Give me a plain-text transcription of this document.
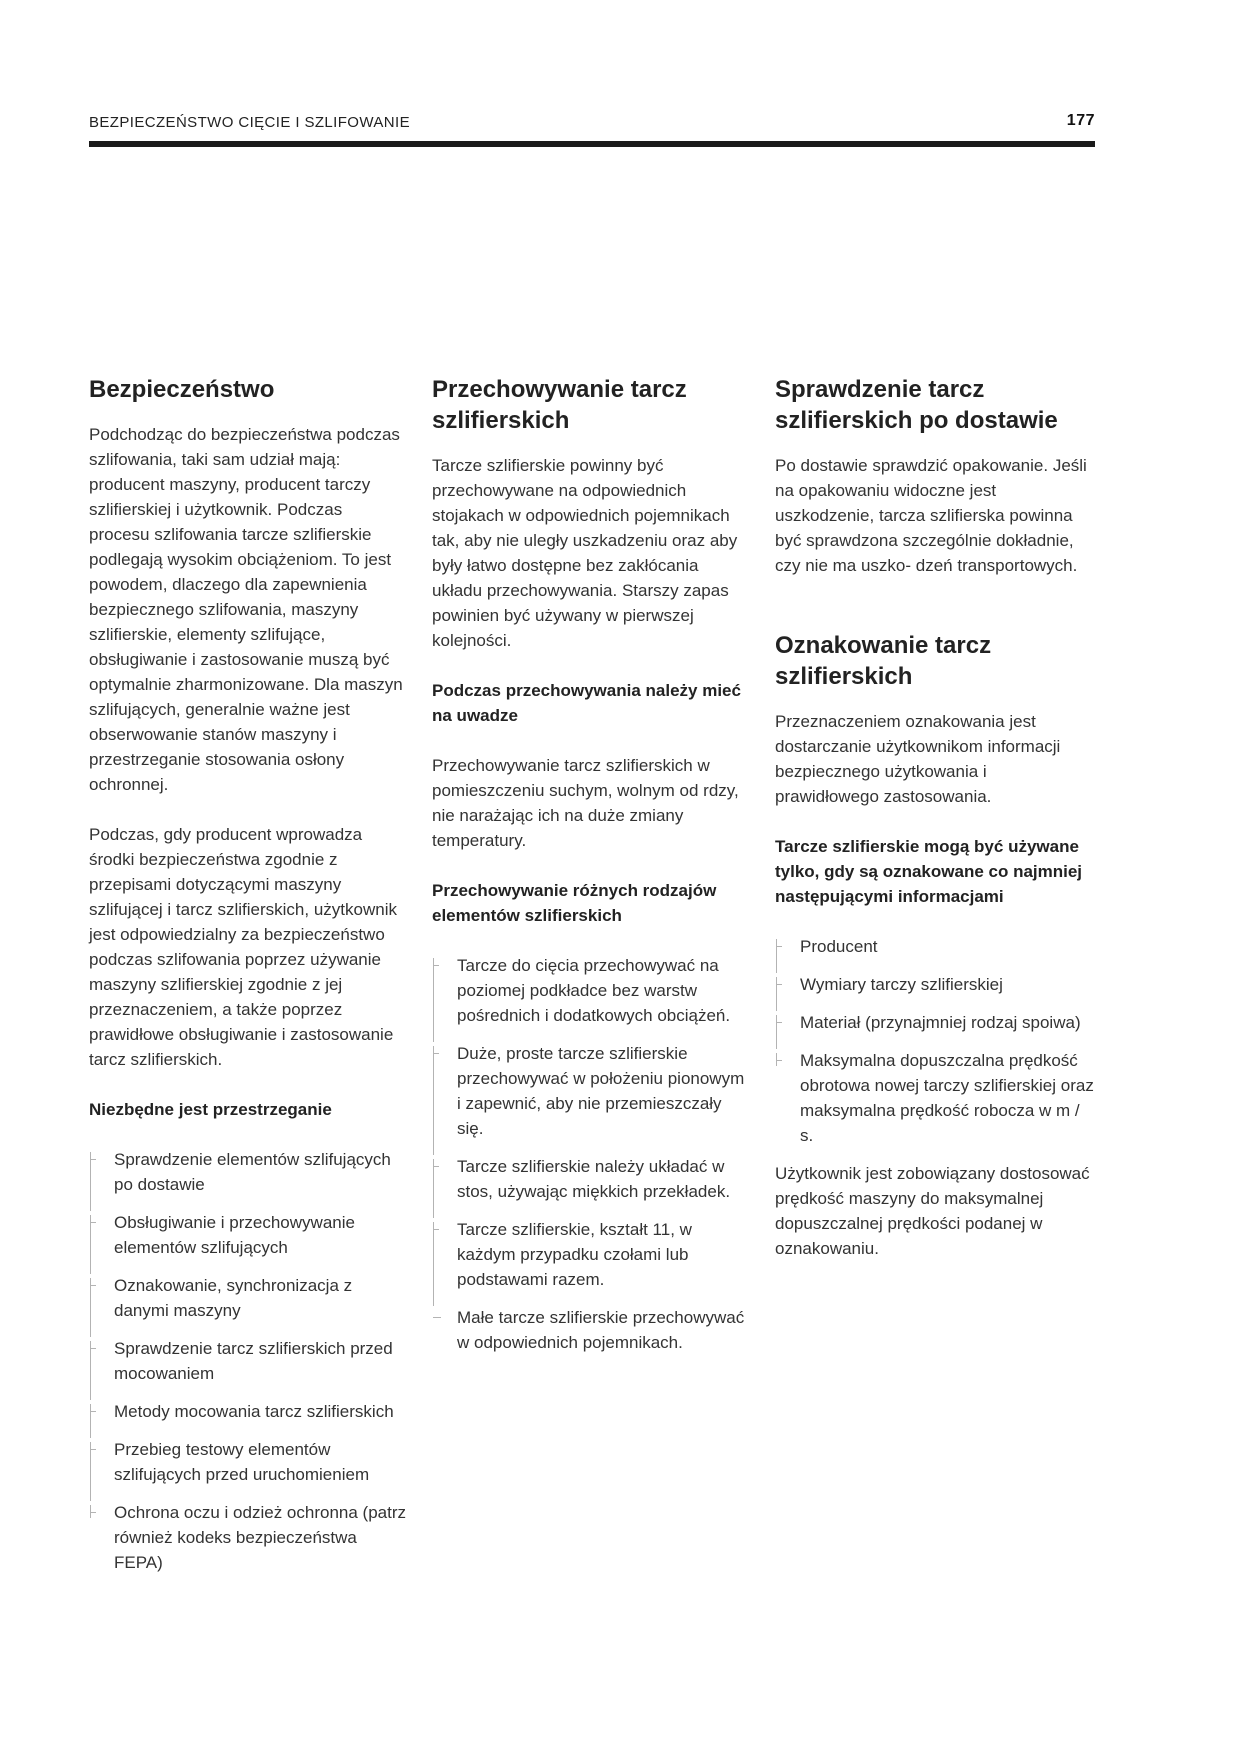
BEZPIECZEŃSTWO CIĘCIE I SZLIFOWANIE	177
Bezpieczeństwo

Podchodząc do bezpieczeństwa podczas szlifowania, taki sam udział mają: producent maszyny, producent tarczy szlifierskiej i użytkownik. Podczas procesu szlifowania tarcze szlifierskie podlegają wysokim obciążeniom. To jest powodem, dlaczego dla zapewnienia bezpiecznego szlifowania, maszyny szlifierskie, elementy szlifujące, obsługiwanie i zastosowanie muszą być optymalnie zharmonizowane. Dla maszyn szlifujących, generalnie ważne jest obserwowanie stanów maszyny i przestrzeganie stosowania osłony ochronnej.

Podczas, gdy producent wprowadza środki bezpieczeństwa zgodnie z przepisami dotyczącymi maszyny szlifującej i tarcz szlifierskich, użytkownik jest odpowiedzialny za bezpieczeństwo podczas szlifowania poprzez używanie maszyny szlifierskiej zgodnie z jej przeznaczeniem, a także poprzez prawidłowe obsługiwanie i zastosowanie tarcz szlifierskich.

Niezbędne jest przestrzeganie

Sprawdzenie elementów szlifujących po dostawie
Obsługiwanie i przechowywanie elementów szlifujących
Oznakowanie, synchronizacja z danymi maszyny
Sprawdzenie tarcz szlifierskich przed mocowaniem
Metody mocowania tarcz szlifierskich
Przebieg testowy elementów szlifujących przed uruchomieniem
Ochrona oczu i odzież ochronna (patrz również kodeks bezpieczeństwa FEPA)
Przechowywanie tarcz szlifierskich

Tarcze szlifierskie powinny być przechowywane na odpowiednich stojakach w odpowiednich pojemnikach tak, aby nie uległy uszkadzeniu oraz aby były łatwo dostępne bez zakłócania układu przechowywania. Starszy zapas powinien być używany w pierwszej kolejności.

Podczas przechowywania należy mieć na uwadze

Przechowywanie tarcz szlifierskich w pomieszczeniu suchym, wolnym od rdzy, nie narażając ich na duże zmiany temperatury.

Przechowywanie różnych rodzajów elementów szlifierskich

Tarcze do cięcia przechowywać na poziomej podkładce bez warstw pośrednich i dodatkowych obciążeń.
Duże, proste tarcze szlifierskie przechowywać w położeniu pionowym i zapewnić, aby nie przemieszczały się.
Tarcze szlifierskie należy układać w stos, używając miękkich przekładek.
Tarcze szlifierskie, kształt 11, w każdym przypadku czołami lub podstawami razem.
Małe tarcze szlifierskie przechowywać w odpowiednich pojemnikach.
Sprawdzenie tarcz szlifierskich po dostawie

Po dostawie sprawdzić opakowanie. Jeśli na opakowaniu widoczne jest uszkodzenie, tarcza szlifierska powinna być sprawdzona szczególnie dokładnie, czy nie ma uszko- dzeń transportowych.

Oznakowanie tarcz szlifierskich

Przeznaczeniem oznakowania jest dostarczanie użytkownikom informacji bezpiecznego użytkowania i prawidłowego zastosowania.

Tarcze szlifierskie mogą być używane tylko, gdy są oznakowane co najmniej następującymi informacjami

Producent
Wymiary tarczy szlifierskiej
Materiał (przynajmniej rodzaj spoiwa)
Maksymalna dopuszczalna prędkość obrotowa nowej tarczy szlifierskiej oraz maksymalna prędkość robocza w m / s.

Użytkownik jest zobowiązany dostosować prędkość maszyny do maksymalnej dopuszczalnej prędkości podanej w oznakowaniu.
